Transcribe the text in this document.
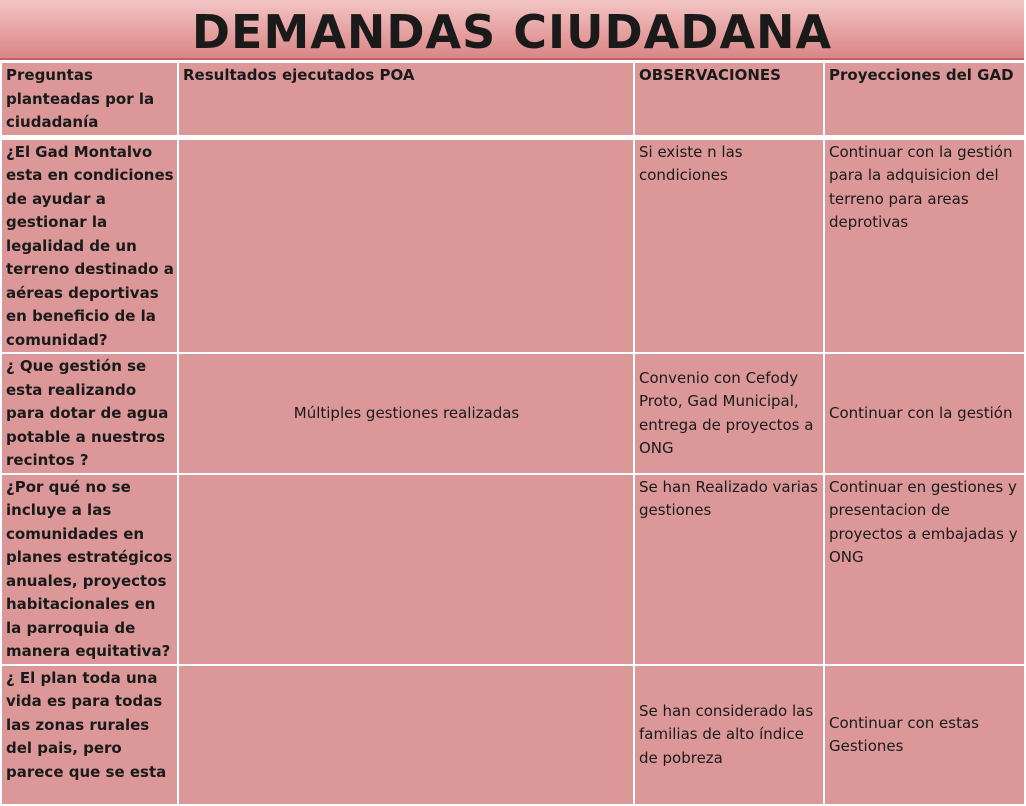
DEMANDAS CIUDADANA
Preguntas planteadas por la ciudadanía	Resultados ejecutados POA	OBSERVACIONES	Proyecciones del GAD
¿El Gad Montalvo esta en condiciones de ayudar a gestionar la legalidad de un terreno destinado a aéreas deportivas en beneficio de la comunidad?		Si existe n las condiciones	Continuar con la gestión para la adquisicion del terreno para areas deprotivas
¿ Que gestión se esta realizando para dotar de agua potable a nuestros recintos ?	Múltiples gestiones realizadas	Convenio con Cefody Proto, Gad Municipal, entrega de proyectos a ONG	Continuar con la gestión
¿Por qué no se incluye a las comunidades en planes estratégicos anuales, proyectos habitacionales en la parroquia de manera equitativa?		Se han Realizado varias gestiones	Continuar en gestiones y presentacion de proyectos a embajadas y ONG
¿ El plan toda una vida es para todas las zonas rurales del pais, pero parece que se esta		Se han considerado las familias de alto índice de pobreza	Continuar con estas Gestiones
